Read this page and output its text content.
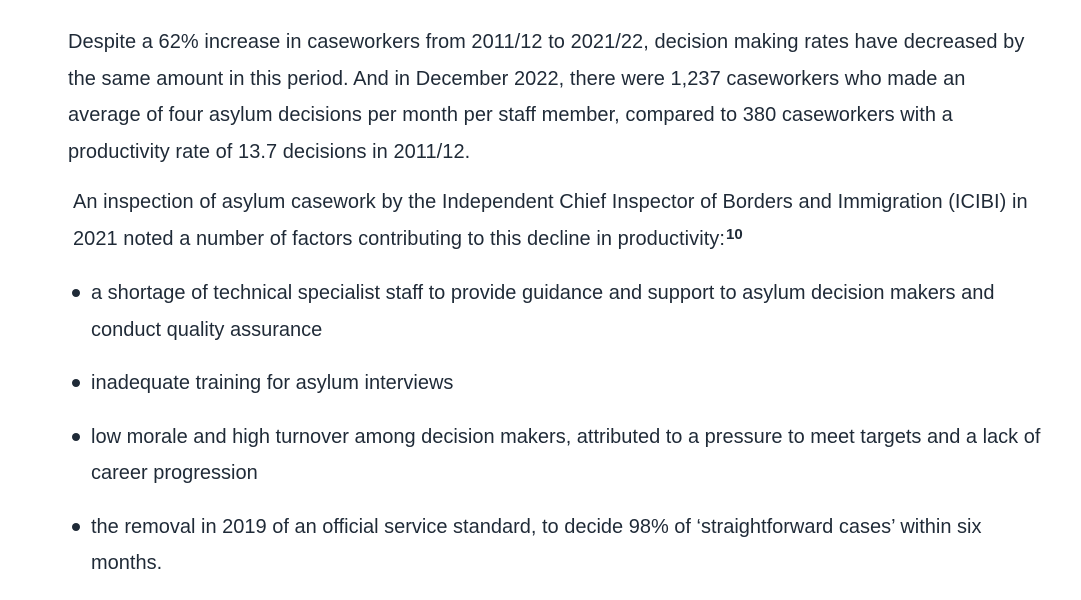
Despite a 62% increase in caseworkers from 2011/12 to 2021/22, decision making rates have decreased by the same amount in this period. And in December 2022, there were 1,237 caseworkers who made an average of four asylum decisions per month per staff member, compared to 380 caseworkers with a productivity rate of 13.7 decisions in 2011/12.

An inspection of asylum casework by the Independent Chief Inspector of Borders and Immigration (ICIBI) in 2021 noted a number of factors contributing to this decline in productivity:$^{10}$

a shortage of technical specialist staff to provide guidance and support to asylum decision makers and conduct quality assurance
inadequate training for asylum interviews
low morale and high turnover among decision makers, attributed to a pressure to meet targets and a lack of career progression
the removal in 2019 of an official service standard, to decide 98% of ‘straightforward cases’ within six months.
